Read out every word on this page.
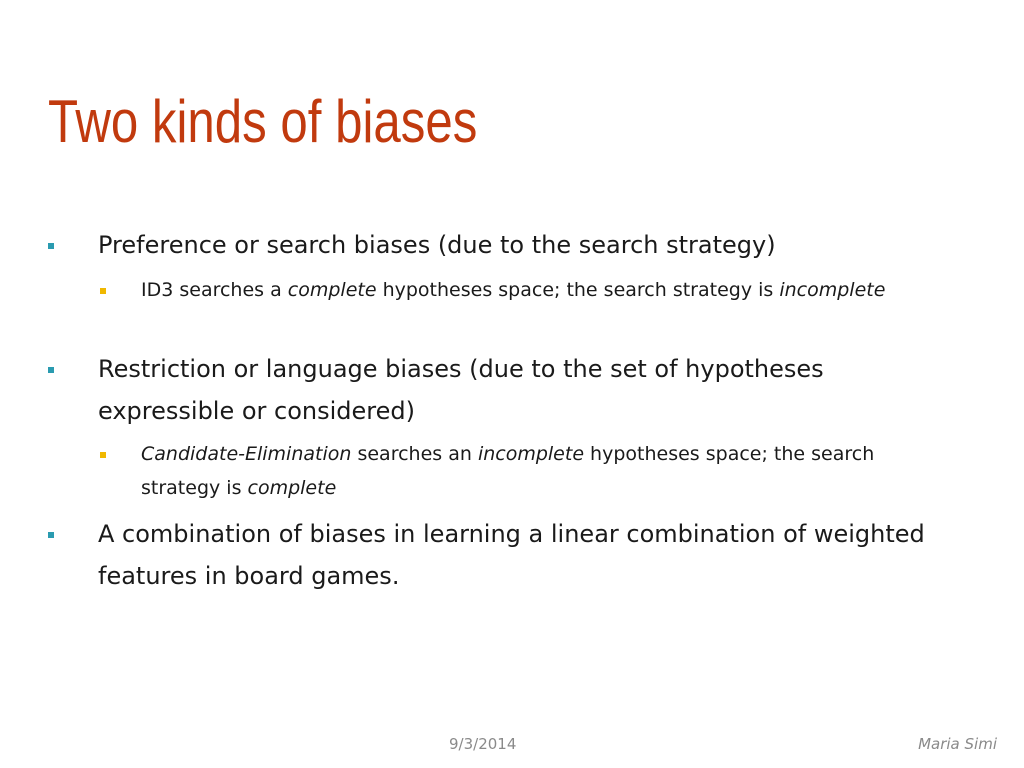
Two kinds of biases
Preference or search biases (due to the search strategy)
ID3 searches a complete hypotheses space; the search strategy is incomplete
Restriction or language biases (due to the set of hypotheses expressible or considered)
Candidate-Elimination searches an incomplete hypotheses space; the search strategy is complete
A combination of biases in learning a linear combination of weighted features in board games.
9/3/2014	Maria Simi
